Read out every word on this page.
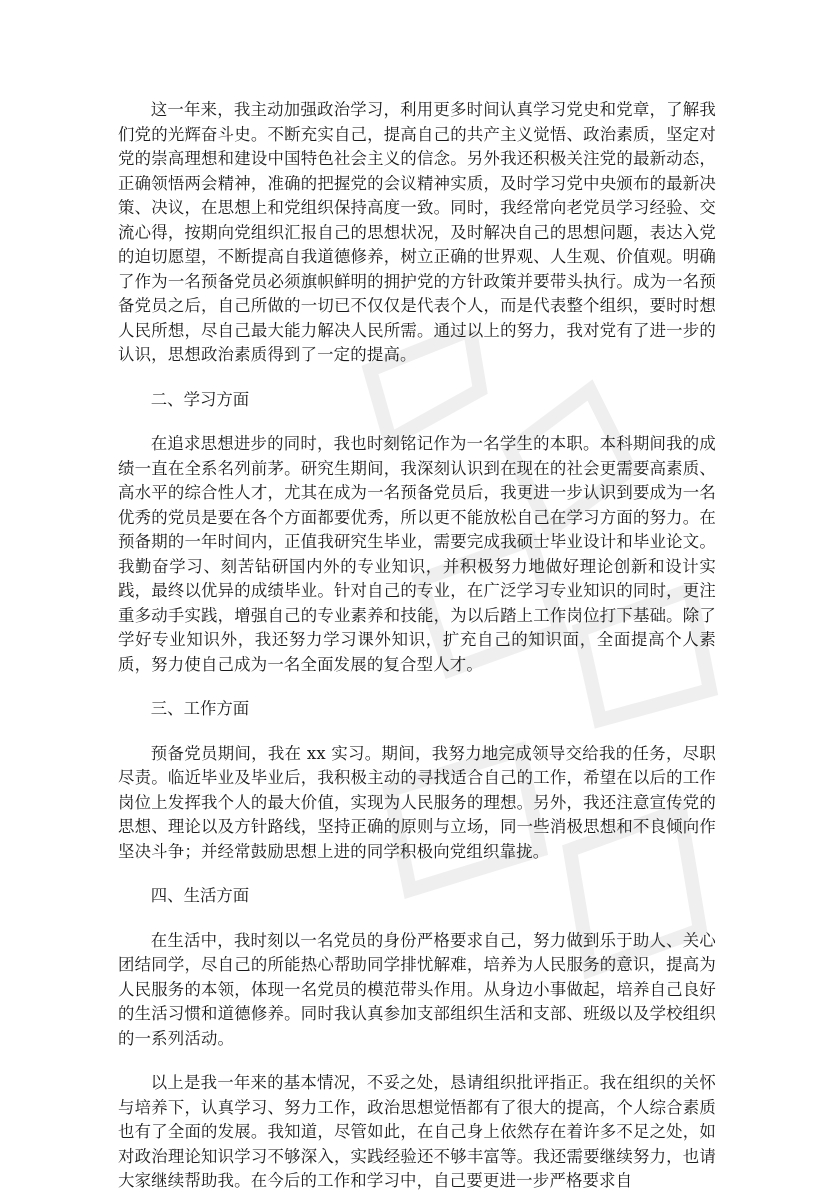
这一年来，我主动加强政治学习，利用更多时间认真学习党史和党章，了解我们党的光辉奋斗史。不断充实自己，提高自己的共产主义觉悟、政治素质，坚定对党的崇高理想和建设中国特色社会主义的信念。另外我还积极关注党的最新动态，正确领悟两会精神，准确的把握党的会议精神实质，及时学习党中央颁布的最新决策、决议，在思想上和党组织保持高度一致。同时，我经常向老党员学习经验、交流心得，按期向党组织汇报自己的思想状况，及时解决自己的思想问题，表达入党的迫切愿望，不断提高自我道德修养，树立正确的世界观、人生观、价值观。明确了作为一名预备党员必须旗帜鲜明的拥护党的方针政策并要带头执行。成为一名预备党员之后，自己所做的一切已不仅仅是代表个人，而是代表整个组织，要时时想人民所想，尽自己最大能力解决人民所需。通过以上的努力，我对党有了进一步的认识，思想政治素质得到了一定的提高。

二、学习方面

在追求思想进步的同时，我也时刻铭记作为一名学生的本职。本科期间我的成绩一直在全系名列前茅。研究生期间，我深刻认识到在现在的社会更需要高素质、高水平的综合性人才，尤其在成为一名预备党员后，我更进一步认识到要成为一名优秀的党员是要在各个方面都要优秀，所以更不能放松自己在学习方面的努力。在预备期的一年时间内，正值我研究生毕业，需要完成我硕士毕业设计和毕业论文。我勤奋学习、刻苦钻研国内外的专业知识，并积极努力地做好理论创新和设计实践，最终以优异的成绩毕业。针对自己的专业，在广泛学习专业知识的同时，更注重多动手实践，增强自己的专业素养和技能，为以后踏上工作岗位打下基础。除了学好专业知识外，我还努力学习课外知识，扩充自己的知识面，全面提高个人素质，努力使自己成为一名全面发展的复合型人才。

三、工作方面

预备党员期间，我在 xx 实习。期间，我努力地完成领导交给我的任务，尽职尽责。临近毕业及毕业后，我积极主动的寻找适合自己的工作，希望在以后的工作岗位上发挥我个人的最大价值，实现为人民服务的理想。另外，我还注意宣传党的思想、理论以及方针路线，坚持正确的原则与立场，同一些消极思想和不良倾向作坚决斗争；并经常鼓励思想上进的同学积极向党组织靠拢。

四、生活方面

在生活中，我时刻以一名党员的身份严格要求自己，努力做到乐于助人、关心团结同学，尽自己的所能热心帮助同学排忧解难，培养为人民服务的意识，提高为人民服务的本领，体现一名党员的模范带头作用。从身边小事做起，培养自己良好的生活习惯和道德修养。同时我认真参加支部组织生活和支部、班级以及学校组织的一系列活动。

以上是我一年来的基本情况，不妥之处，恳请组织批评指正。我在组织的关怀与培养下，认真学习、努力工作，政治思想觉悟都有了很大的提高，个人综合素质也有了全面的发展。我知道，尽管如此，在自己身上依然存在着许多不足之处，如对政治理论知识学习不够深入，实践经验还不够丰富等。我还需要继续努力，也请大家继续帮助我。在今后的工作和学习中，自己要更进一步严格要求自
